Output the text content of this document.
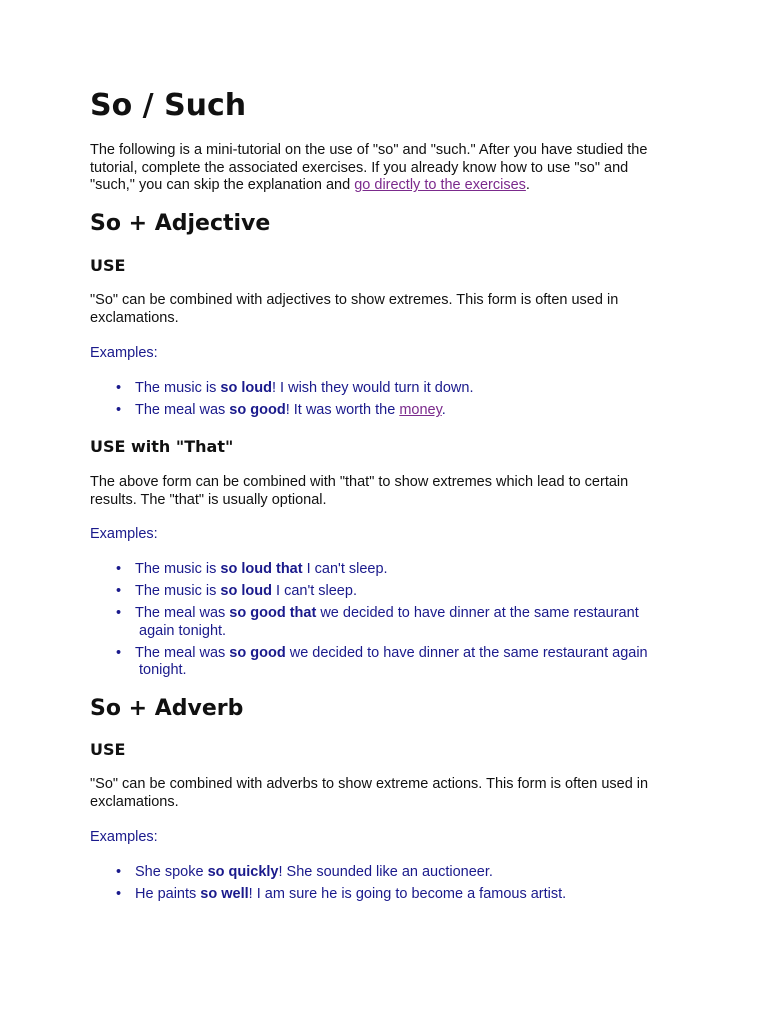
So / Such

The following is a mini-tutorial on the use of "so" and "such." After you have studied the
tutorial, complete the associated exercises. If you already know how to use "so" and
"such," you can skip the explanation and go directly to the exercises.

So + Adjective
USE

"So" can be combined with adjectives to show extremes. This form is often used in exclamations.

Examples:

• The music is so loud! I wish they would turn it down.
• The meal was so good! It was worth the money.
USE with "That"

The above form can be combined with "that" to show extremes which lead to certain results. The "that" is usually optional.

Examples:

• The music is so loud that I can't sleep.
• The music is so loud I can't sleep.
• The meal was so good that we decided to have dinner at the same restaurant
again tonight.
• The meal was so good we decided to have dinner at the same restaurant again
tonight.
So + Adverb
USE

"So" can be combined with adverbs to show extreme actions. This form is often used in exclamations.

Examples:

• She spoke so quickly! She sounded like an auctioneer.
• He paints so well! I am sure he is going to become a famous artist.
